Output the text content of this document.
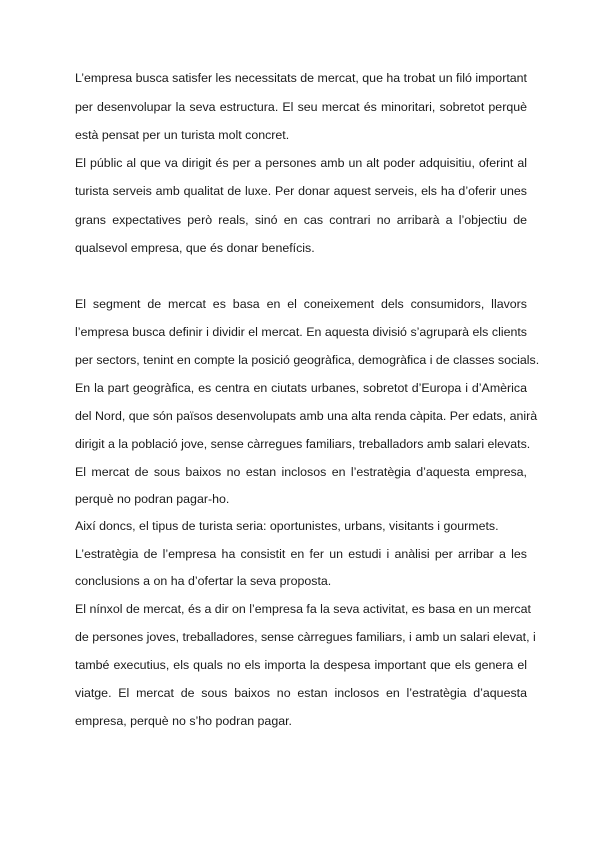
L’empresa busca satisfer les necessitats de mercat, que ha trobat un filó important
per desenvolupar la seva estructura. El seu mercat és minoritari, sobretot perquè
està pensat per un turista molt concret.
El públic al que va dirigit és per a persones amb un alt poder adquisitiu, oferint al
turista serveis amb qualitat de luxe. Per donar aquest serveis, els ha d’oferir unes
grans expectatives però reals, sinó en cas contrari no arribarà a l’objectiu de
qualsevol empresa, que és donar benefícis.
El segment de mercat es basa en el coneixement dels consumidors, llavors
l’empresa busca definir i dividir el mercat. En aquesta divisió s’agruparà els clients
per sectors, tenint en compte la posició geogràfica, demogràfica i de classes socials.
En la part geogràfica, es centra en ciutats urbanes, sobretot d’Europa i d’Amèrica
del Nord, que són països desenvolupats amb una alta renda càpita. Per edats, anirà
dirigit a la població jove, sense càrregues familiars, treballadors amb salari elevats.
El mercat de sous baixos no estan inclosos en l’estratègia d’aquesta empresa,
perquè no podran pagar-ho.
Així doncs, el tipus de turista seria: oportunistes, urbans, visitants i gourmets.
L’estratègia de l’empresa ha consistit en fer un estudi i anàlisi per arribar a les
conclusions a on ha d’ofertar la seva proposta.
El nínxol de mercat, és a dir on l’empresa fa la seva activitat, es basa en un mercat
de persones joves, treballadores, sense càrregues familiars, i amb un salari elevat, i
també executius, els quals no els importa la despesa important que els genera el
viatge. El mercat de sous baixos no estan inclosos en l’estratègia d’aquesta
empresa, perquè no s’ho podran pagar.
